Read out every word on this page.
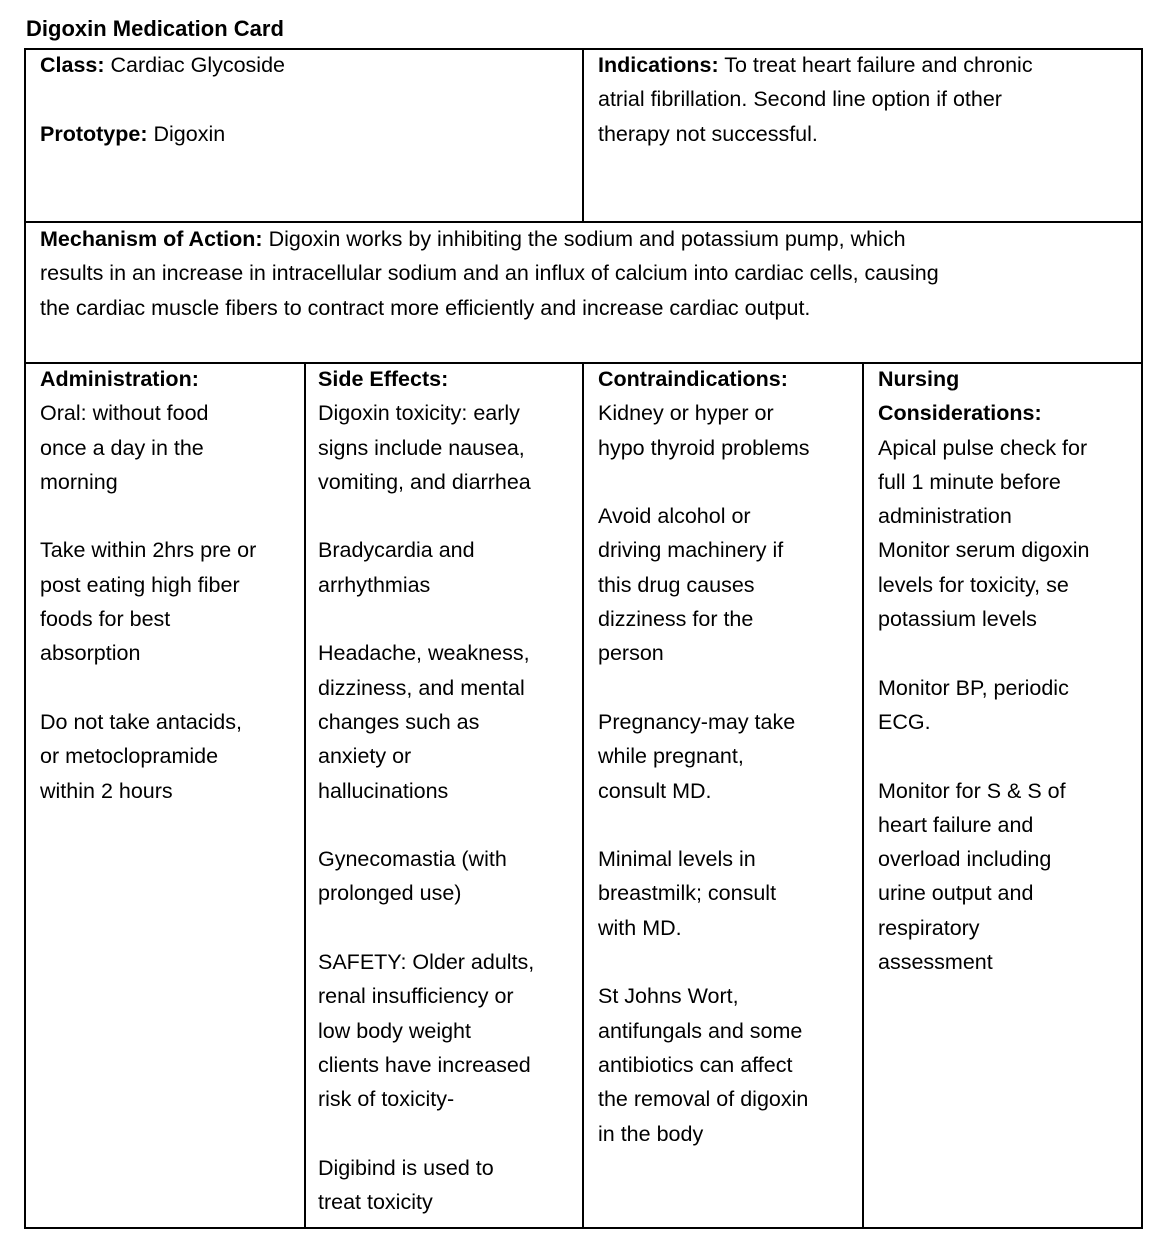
Digoxin Medication Card
Class: Cardiac Glycoside
Prototype: Digoxin
Indications: To treat heart failure and chronic
atrial fibrillation. Second line option if other
therapy not successful.
Mechanism of Action: Digoxin works by inhibiting the sodium and potassium pump, which
results in an increase in intracellular sodium and an influx of calcium into cardiac cells, causing
the cardiac muscle fibers to contract more efficiently and increase cardiac output.
Administration:
Oral: without food
once a day in the
morning
Take within 2hrs pre or
post eating high fiber
foods for best
absorption
Do not take antacids,
or metoclopramide
within 2 hours
Side Effects:
Digoxin toxicity: early
signs include nausea,
vomiting, and diarrhea
Bradycardia and
arrhythmias
Headache, weakness,
dizziness, and mental
changes such as
anxiety or
hallucinations
Gynecomastia (with
prolonged use)
SAFETY: Older adults,
renal insufficiency or
low body weight
clients have increased
risk of toxicity-
Digibind is used to
treat toxicity
Contraindications:
Kidney or hyper or
hypo thyroid problems
Avoid alcohol or
driving machinery if
this drug causes
dizziness for the
person
Pregnancy-may take
while pregnant,
consult MD.
Minimal levels in
breastmilk; consult
with MD.
St Johns Wort,
antifungals and some
antibiotics can affect
the removal of digoxin
in the body
Nursing
Considerations:
Apical pulse check for
full 1 minute before
administration
Monitor serum digoxin
levels for toxicity, se
potassium levels
Monitor BP, periodic
ECG.
Monitor for S & S of
heart failure and
overload including
urine output and
respiratory
assessment
